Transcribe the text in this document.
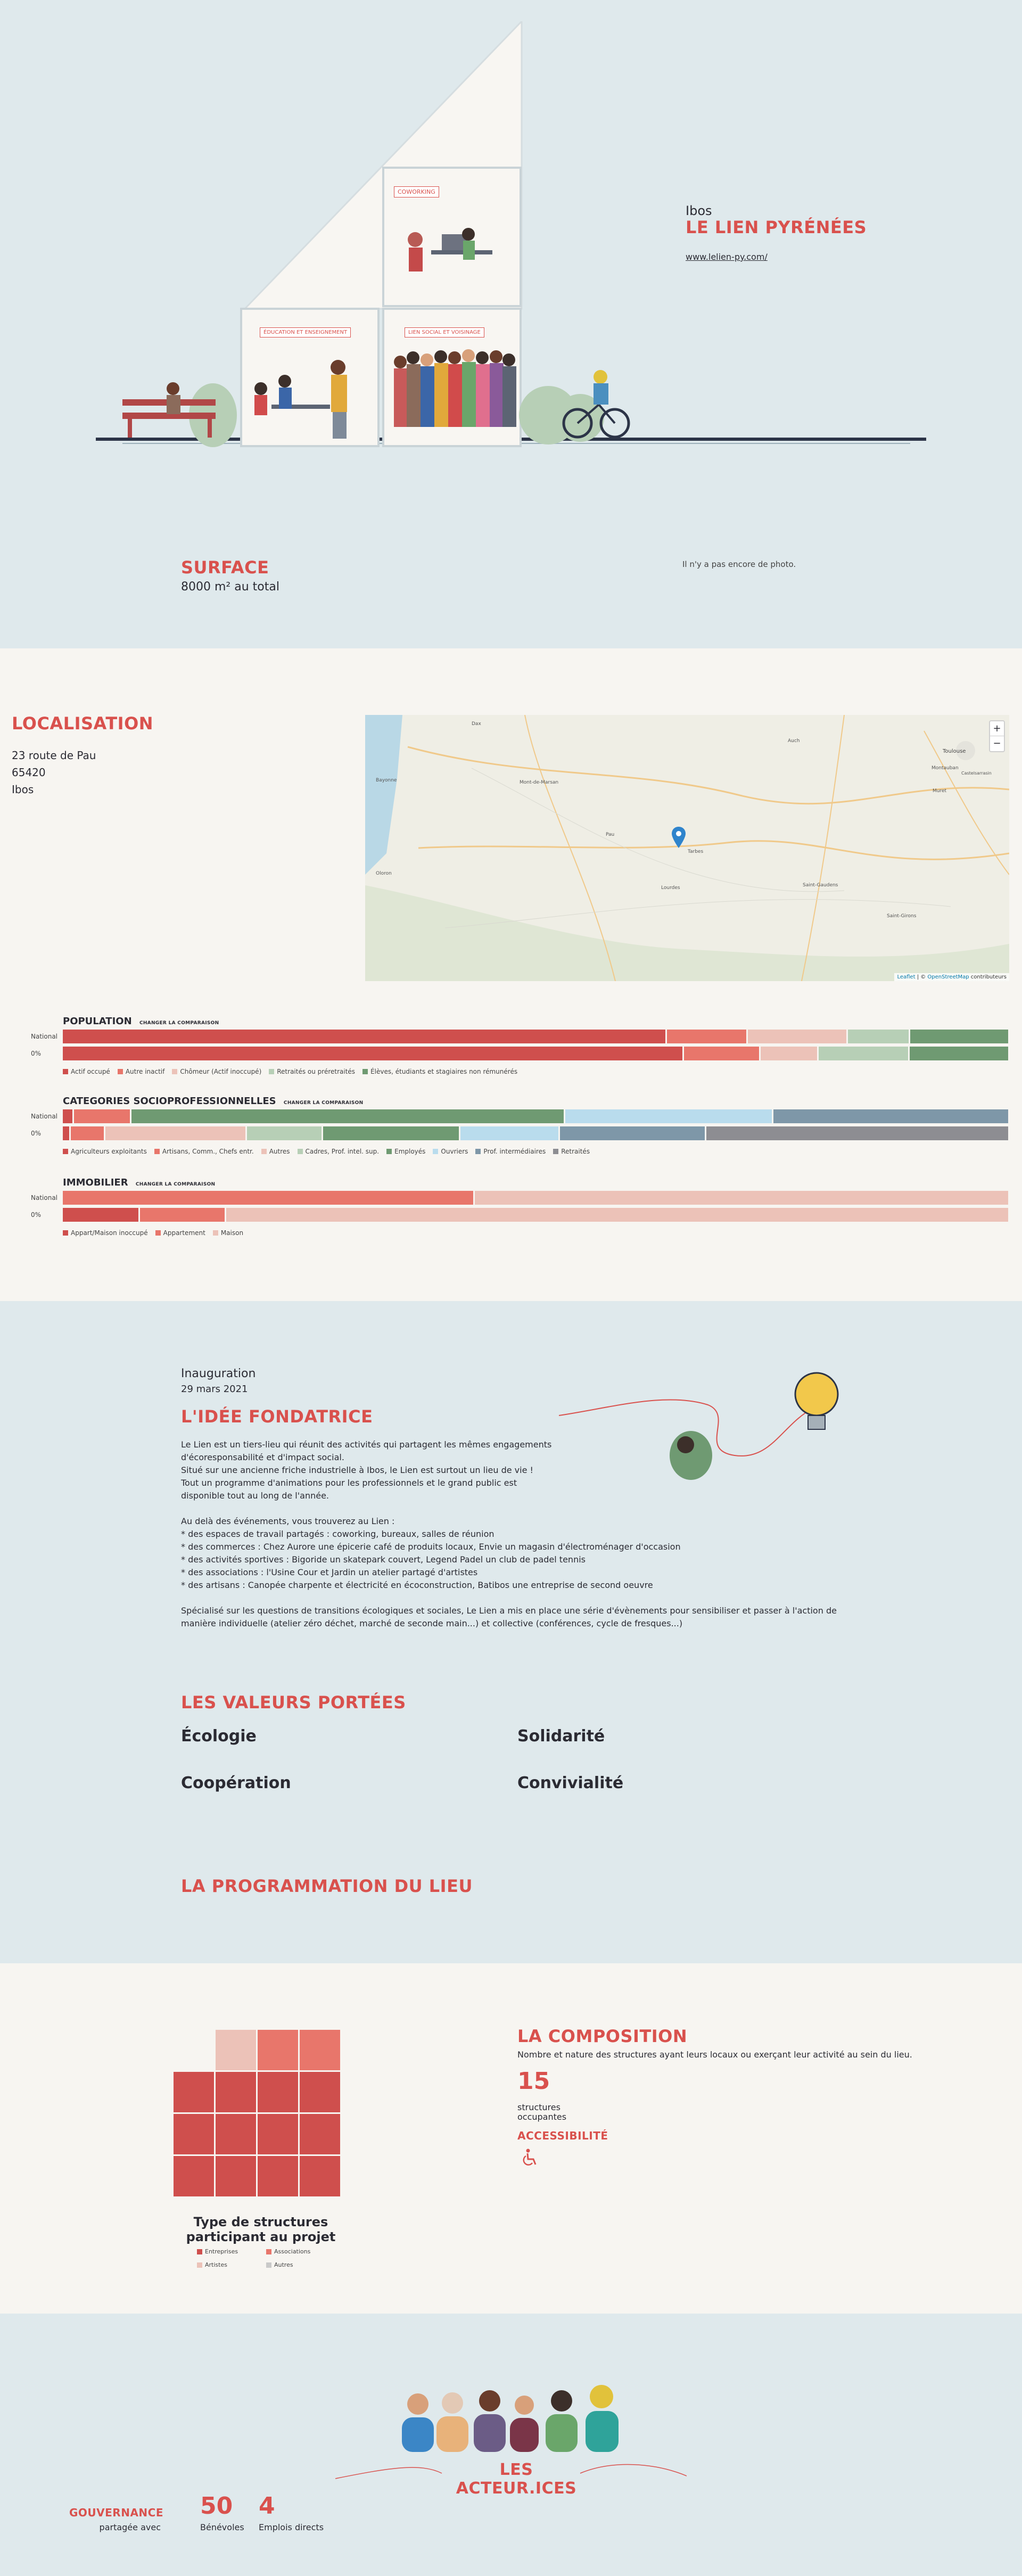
COWORKING
ÉDUCATION ET ENSEIGNEMENT	LIEN SOCIAL ET VOISINAGE
Ibos
LE LIEN PYRÉNÉES
www.lelien-py.com/
SURFACE
8000 m² au total
Il n'y a pas encore de photo.
LOCALISATION
23 route de Pau
65420
Ibos
Dax
Auch
Toulouse
Mont-de-Marsan
Bayonne
Pau
Tarbes
Lourdes	Saint-Gaudens
Saint-Girons
Montauban
Castelsarrasin
Muret
Oloron
+
−
Leaflet | © OpenStreetMap contributeurs
POPULATION CHANGER LA COMPARAISON
National
0%
Actif occupé Autre inactif Chômeur (Actif inoccupé) Retraités ou préretraités Élèves, étudiants et stagiaires non rémunérés
CATEGORIES SOCIOPROFESSIONNELLES CHANGER LA COMPARAISON
National
0%
Agriculteurs exploitants Artisans, Comm., Chefs entr. Autres Cadres, Prof. intel. sup. Employés Ouvriers Prof. intermédiaires Retraités
IMMOBILIER CHANGER LA COMPARAISON
National
0%
Appart/Maison inoccupé Appartement Maison
Inauguration
29 mars 2021
L'IDÉE FONDATRICE

Le Lien est un tiers-lieu qui réunit des activités qui partagent les mêmes engagements d'écoresponsabilité et d'impact social.

Situé sur une ancienne friche industrielle à Ibos, le Lien est surtout un lieu de vie ! Tout un programme d'animations pour les professionnels et le grand public est disponible tout au long de l'année.

Au delà des événements, vous trouverez au Lien :

* des espaces de travail partagés : coworking, bureaux, salles de réunion

* des commerces : Chez Aurore une épicerie café de produits locaux, Envie un magasin d'électroménager d'occasion

* des activités sportives : Bigoride un skatepark couvert, Legend Padel un club de padel tennis

* des associations : l'Usine Cour et Jardin un atelier partagé d'artistes

* des artisans : Canopée charpente et électricité en écoconstruction, Batibos une entreprise de second oeuvre

Spécialisé sur les questions de transitions écologiques et sociales, Le Lien a mis en place une série d'évènements pour sensibiliser et passer à l'action de manière individuelle (atelier zéro déchet, marché de seconde main...) et collective (conférences, cycle de fresques...)

LES VALEURS PORTÉES
Écologie	Solidarité
Coopération	Convivialité
LA PROGRAMMATION DU LIEU
Type de structures
participant au projet
Entreprises	Associations
Artistes	Autres
LA COMPOSITION
Nombre et nature des structures ayant leurs locaux ou exerçant leur activité au sein du lieu.
15
structures
occupantes
ACCESSIBILITÉ
LES ACTEUR.ICES
GOUVERNANCE
partagée avec
50
Bénévoles
4
Emplois directs
